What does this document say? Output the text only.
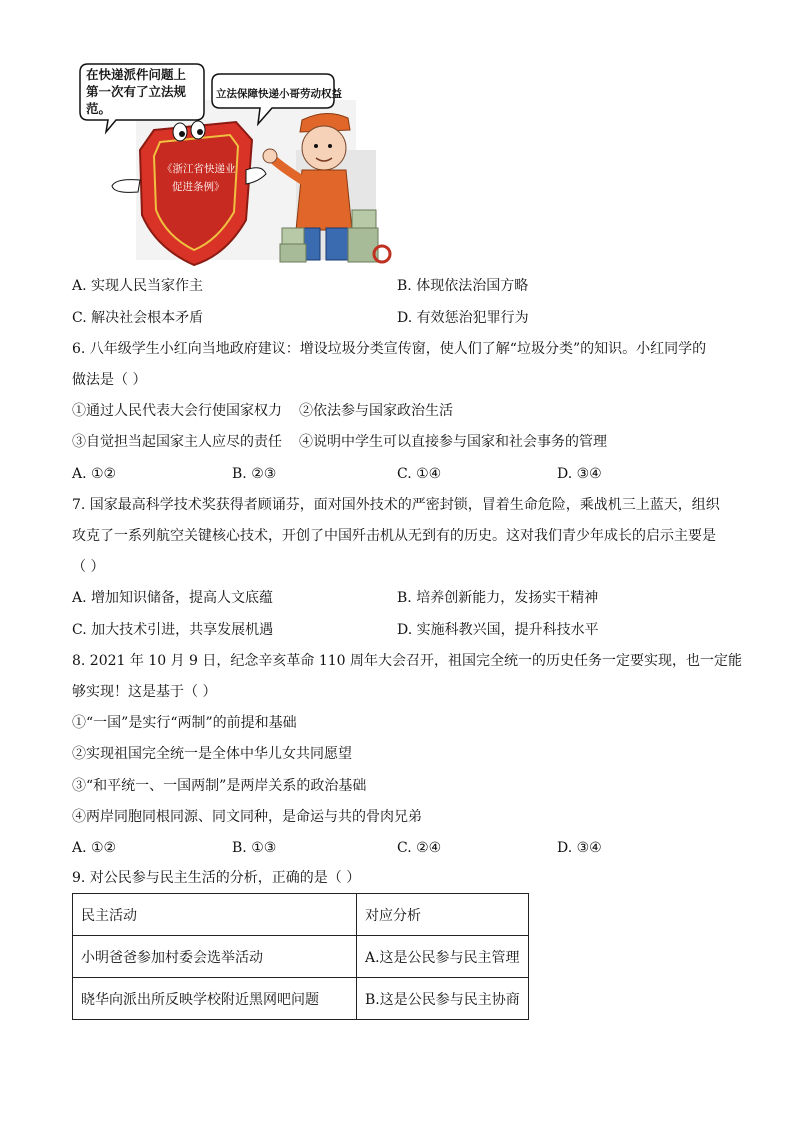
在快递派件问题上
第一次有了立法规
范。
立法保障快递小哥劳动权益
《浙江省快递业
促进条例》
A. 实现人民当家作主	B. 体现依法治国方略
C. 解决社会根本矛盾	D. 有效惩治犯罪行为
6. 八年级学生小红向当地政府建议：增设垃圾分类宣传窗，使人们了解“垃圾分类”的知识。小红同学的
做法是（ ）
①通过人民代表大会行使国家权力 ②依法参与国家政治生活
③自觉担当起国家主人应尽的责任 ④说明中学生可以直接参与国家和社会事务的管理
A. ①②	B. ②③	C. ①④	D. ③④
7. 国家最高科学技术奖获得者顾诵芬，面对国外技术的严密封锁，冒着生命危险，乘战机三上蓝天，组织
攻克了一系列航空关键核心技术，开创了中国歼击机从无到有的历史。这对我们青少年成长的启示主要是
（ ）
A. 增加知识储备，提高人文底蕴	B. 培养创新能力，发扬实干精神
C. 加大技术引进，共享发展机遇	D. 实施科教兴国，提升科技水平
8. 2021 年 10 月 9 日，纪念辛亥革命 110 周年大会召开，祖国完全统一的历史任务一定要实现，也一定能
够实现！这是基于（ ）
①“一国”是实行“两制”的前提和基础
②实现祖国完全统一是全体中华儿女共同愿望
③“和平统一、一国两制”是两岸关系的政治基础
④两岸同胞同根同源、同文同种，是命运与共的骨肉兄弟
A. ①②	B. ①③	C. ②④	D. ③④
9. 对公民参与民主生活的分析，正确的是（ ）
民主活动	对应分析
小明爸爸参加村委会选举活动	A.这是公民参与民主管理
晓华向派出所反映学校附近黑网吧问题	B.这是公民参与民主协商
